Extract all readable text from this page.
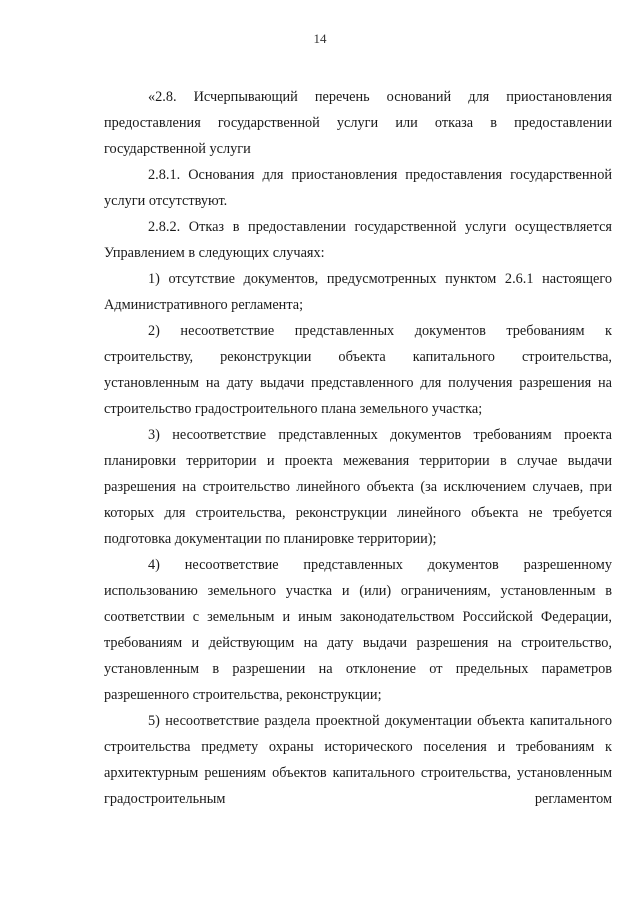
14

«2.8. Исчерпывающий перечень оснований для приостановления предоставления государственной услуги или отказа в предоставлении государственной услуги

2.8.1. Основания для приостановления предоставления государственной услуги отсутствуют.

2.8.2. Отказ в предоставлении государственной услуги осуществляется Управлением в следующих случаях:

1) отсутствие документов, предусмотренных пунктом 2.6.1 настоящего Административного регламента;

2) несоответствие представленных документов требованиям к строительству, реконструкции объекта капитального строительства, установленным на дату выдачи представленного для получения разрешения на строительство градостроительного плана земельного участка;

3) несоответствие представленных документов требованиям проекта планировки территории и проекта межевания территории в случае выдачи разрешения на строительство линейного объекта (за исключением случаев, при которых для строительства, реконструкции линейного объекта не требуется подготовка документации по планировке территории);

4) несоответствие представленных документов разрешенному использованию земельного участка и (или) ограничениям, установленным в соответствии с земельным и иным законодательством Российской Федерации, требованиям и действующим на дату выдачи разрешения на строительство, установленным в разрешении на отклонение от предельных параметров разрешенного строительства, реконструкции;

5) несоответствие раздела проектной документации объекта капитального строительства предмету охраны исторического поселения и требованиям к архитектурным решениям объектов капитального строительства, установленным градостроительным регламентом
